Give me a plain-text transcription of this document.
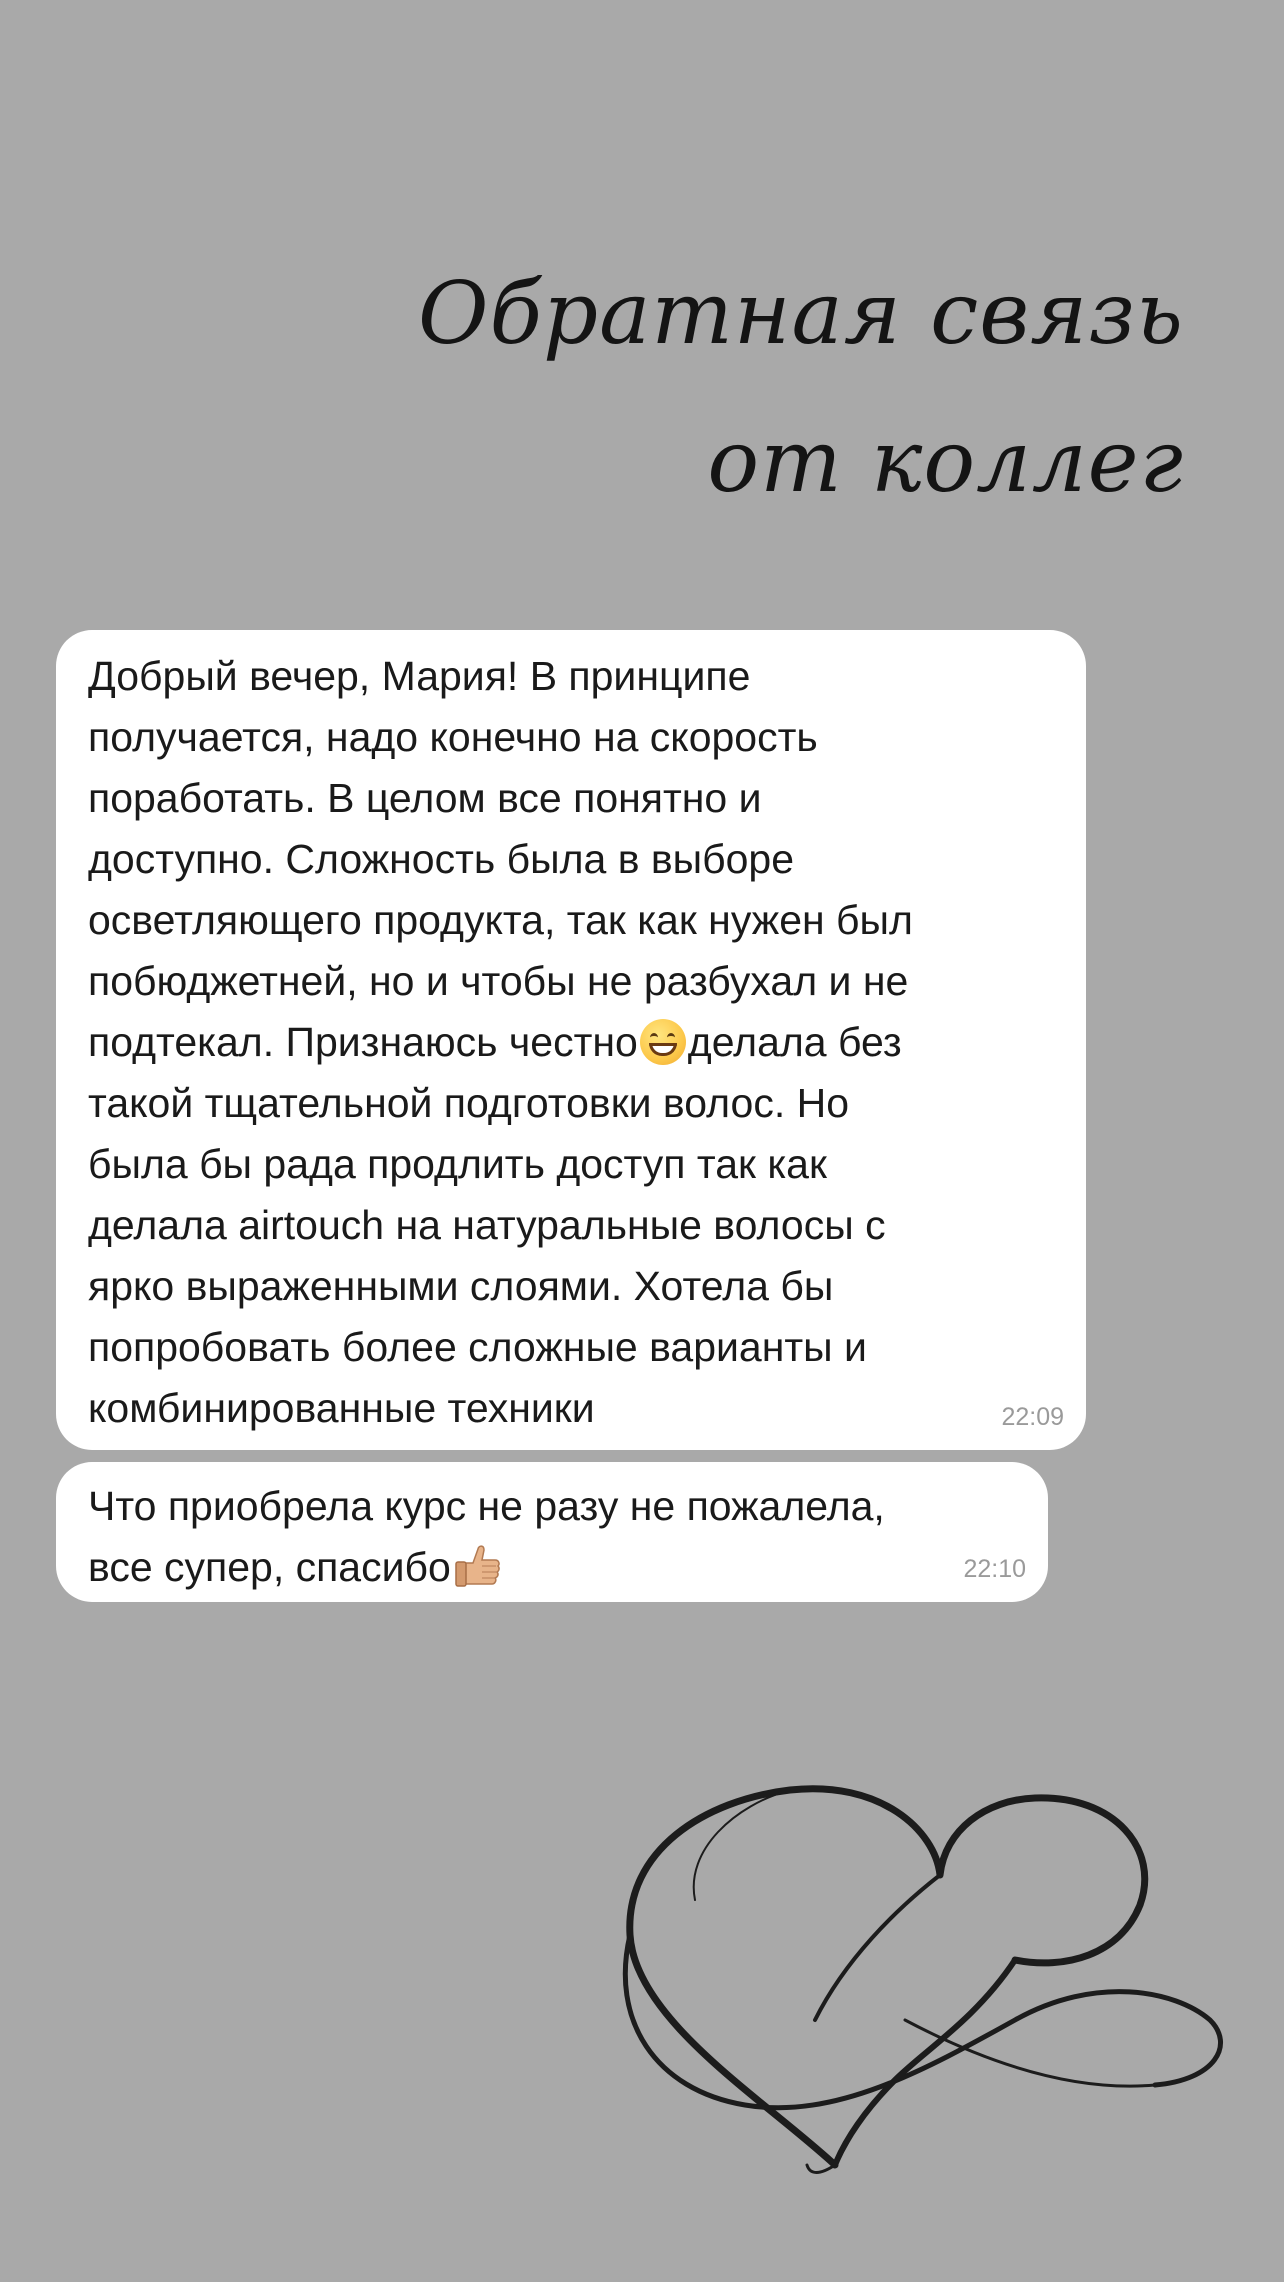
Обратная связь
от коллег
Добрый вечер, Мария! В принципе
получается, надо конечно на скорость
поработать. В целом все понятно и
доступно. Сложность была в выборе
осветляющего продукта, так как нужен был
побюджетней, но и чтобы не разбухал и не
подтекал. Признаюсь честно делала без
такой тщательной подготовки волос. Но
была бы рада продлить доступ так как
делала airtouch на натуральные волосы с
ярко выраженными слоями. Хотела бы
попробовать более сложные варианты и
комбинированные техники	22:09
Что приобрела курс не разу не пожалела,
все супер, спасибо	22:10
